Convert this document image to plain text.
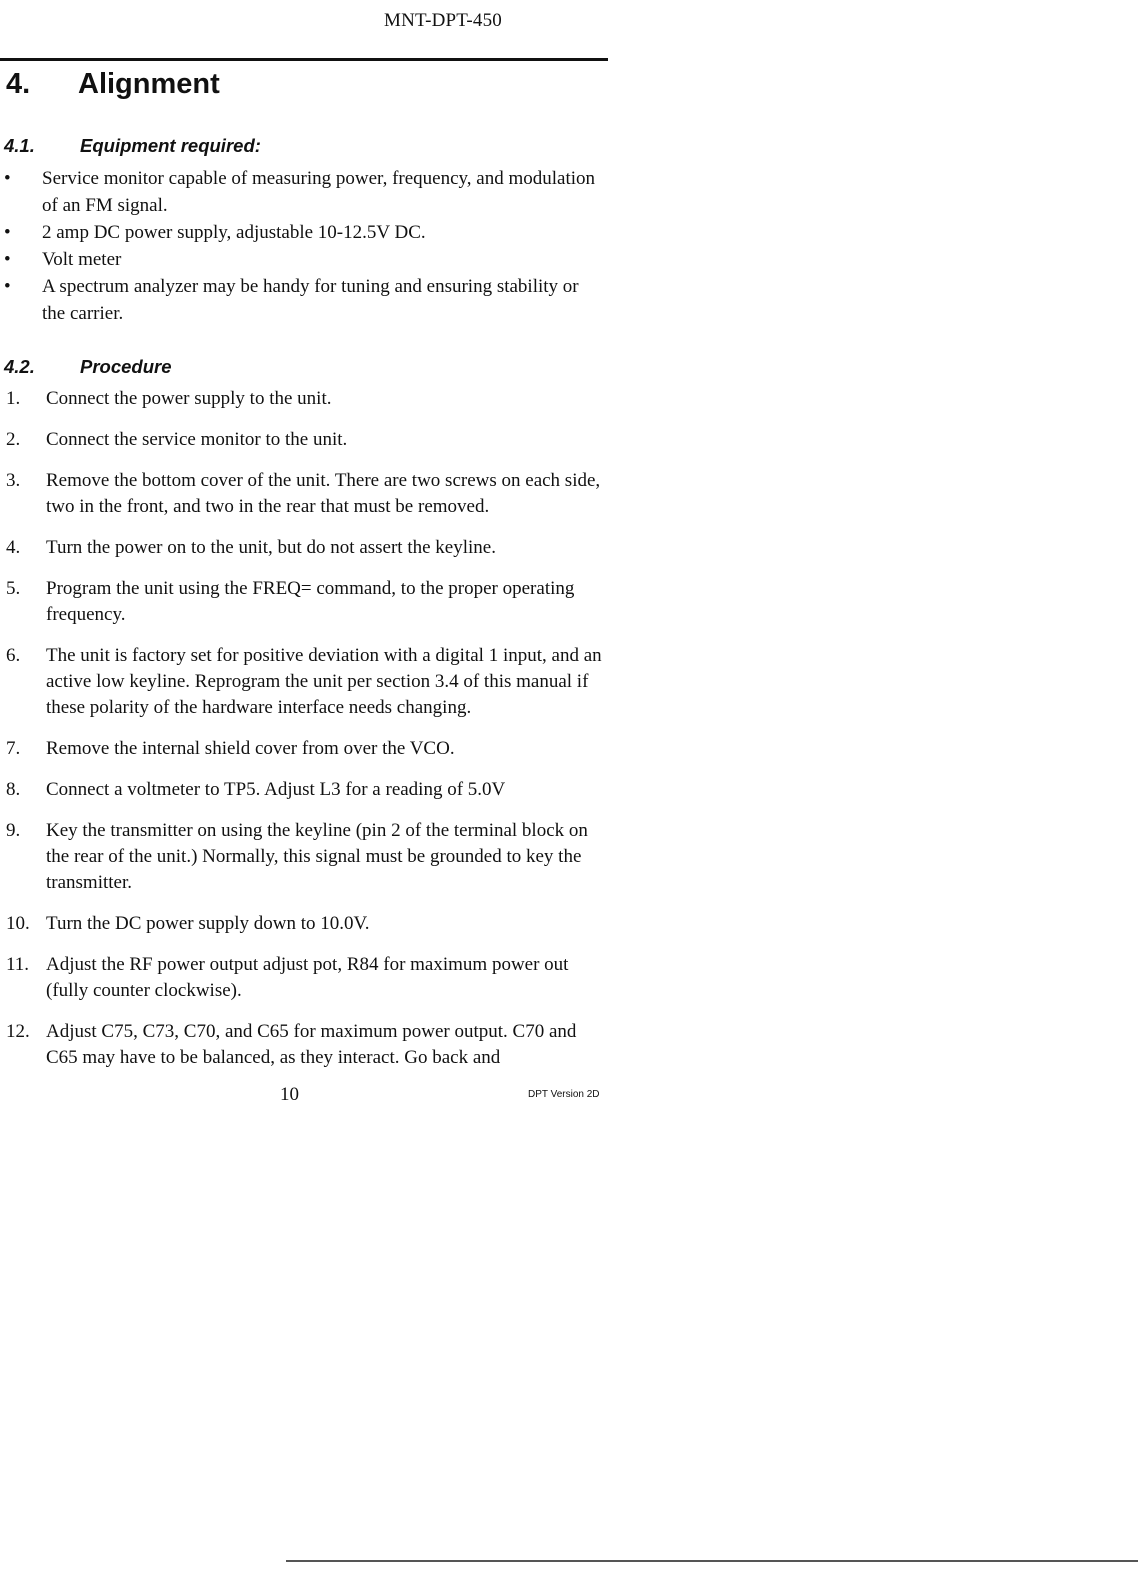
MNT-DPT-450
4. Alignment
4.1. Equipment required:
• Service monitor capable of measuring power, frequency, and modulation of an FM signal.
• 2 amp DC power supply, adjustable 10-12.5V DC.
• Volt meter
• A spectrum analyzer may be handy for tuning and ensuring stability or the carrier.
4.2. Procedure
1. Connect the power supply to the unit.
2. Connect the service monitor to the unit.
3. Remove the bottom cover of the unit. There are two screws on each side, two in the front, and two in the rear that must be removed.
4. Turn the power on to the unit, but do not assert the keyline.
5. Program the unit using the FREQ= command, to the proper operating frequency.
6. The unit is factory set for positive deviation with a digital 1 input, and an active low keyline. Reprogram the unit per section 3.4 of this manual if these polarity of the hardware interface needs changing.
7. Remove the internal shield cover from over the VCO.
8. Connect a voltmeter to TP5. Adjust L3 for a reading of 5.0V
9. Key the transmitter on using the keyline (pin 2 of the terminal block on the rear of the unit.) Normally, this signal must be grounded to key the transmitter.
10. Turn the DC power supply down to 10.0V.
11. Adjust the RF power output adjust pot, R84 for maximum power out (fully counter clockwise).
12. Adjust C75, C73, C70, and C65 for maximum power output. C70 and C65 may have to be balanced, as they interact. Go back and
10	DPT Version 2D
